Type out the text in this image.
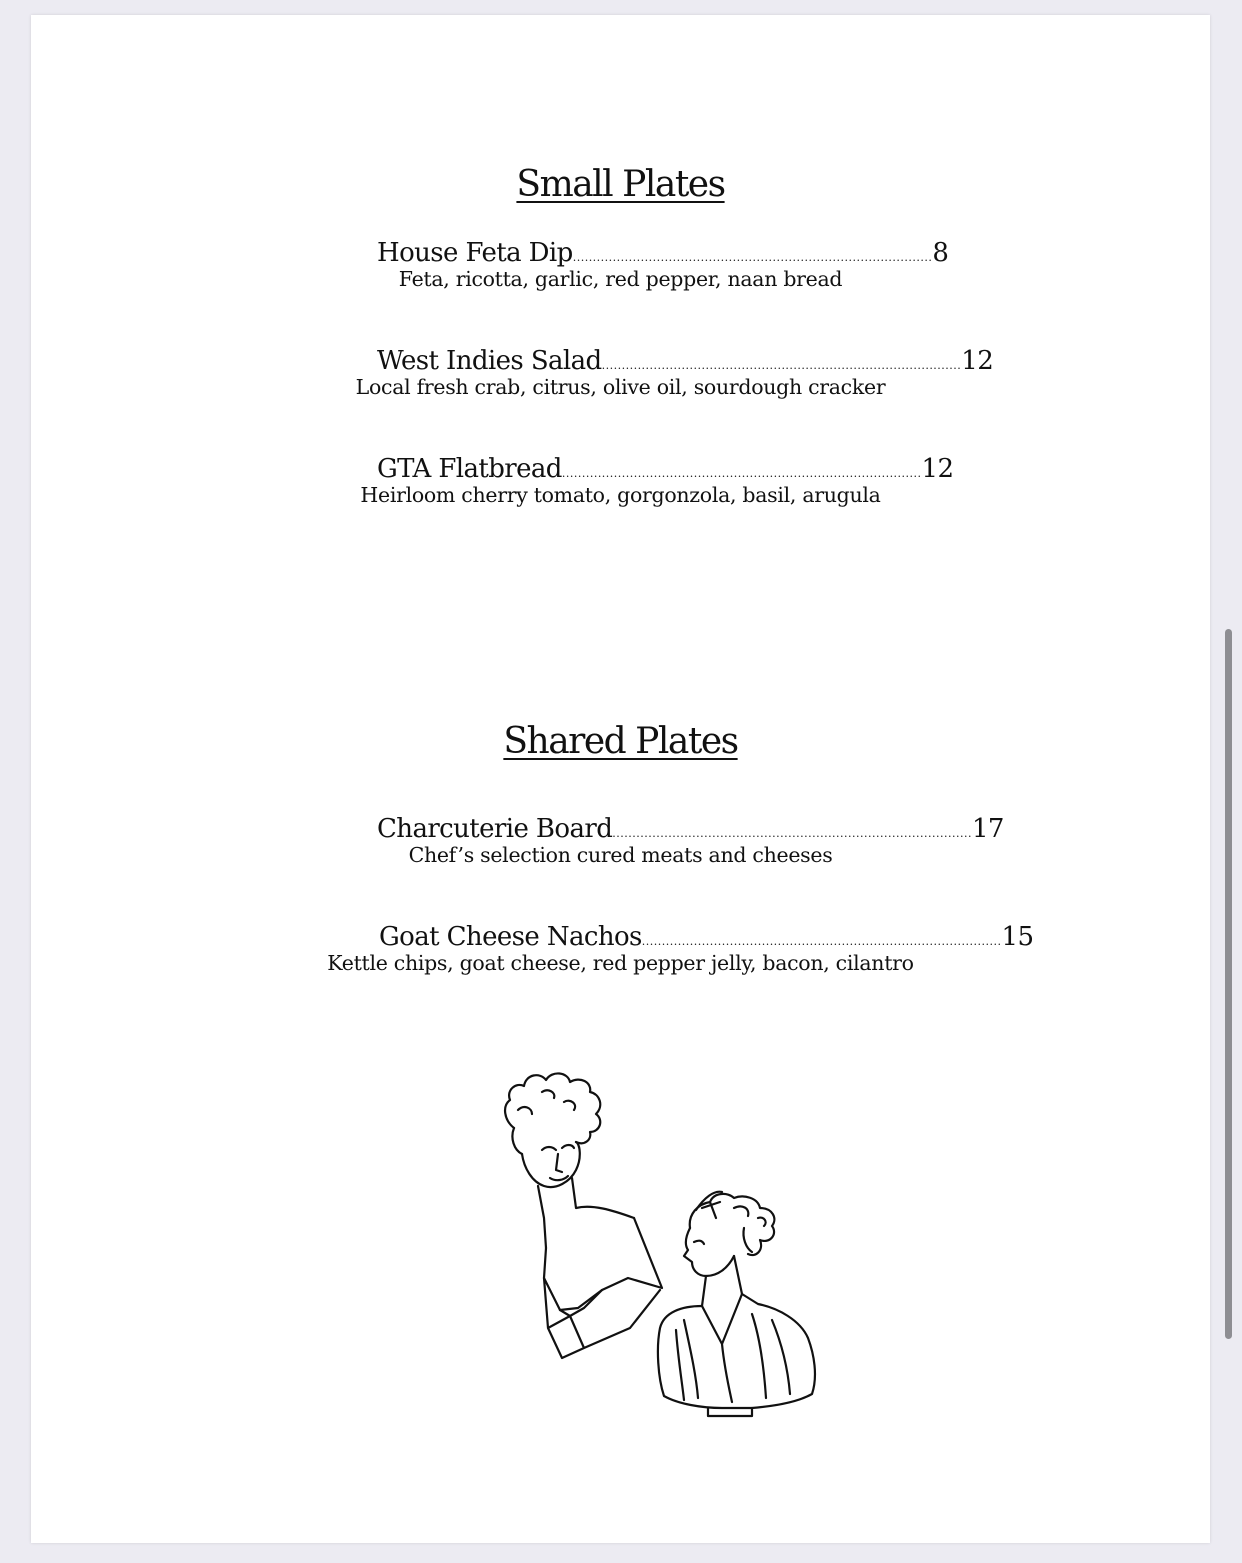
Small Plates
House Feta Dip .......................................................................................... 8
Feta, ricotta, garlic, red pepper, naan bread
West Indies Salad .......................................................................................... 12
Local fresh crab, citrus, olive oil, sourdough cracker
GTA Flatbread .......................................................................................... 12
Heirloom cherry tomato, gorgonzola, basil, arugula
Shared Plates
Charcuterie Board .......................................................................................... 17
Chef’s selection cured meats and cheeses
Goat Cheese Nachos .......................................................................................... 15
Kettle chips, goat cheese, red pepper jelly, bacon, cilantro
